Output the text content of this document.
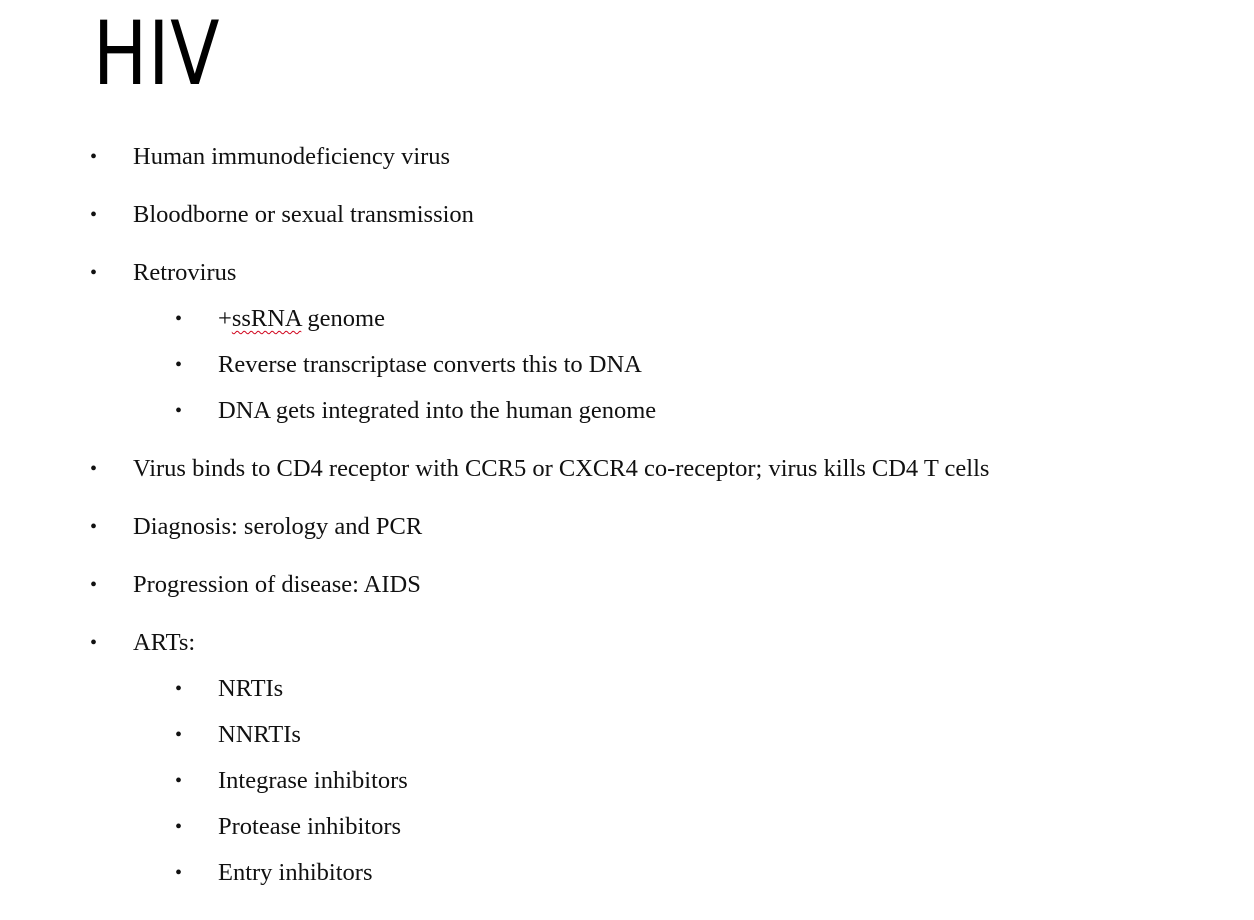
HIV
• Human immunodeficiency virus
• Bloodborne or sexual transmission
• Retrovirus
• +ssRNA genome
• Reverse transcriptase converts this to DNA
• DNA gets integrated into the human genome
• Virus binds to CD4 receptor with CCR5 or CXCR4 co-receptor; virus kills CD4 T cells
• Diagnosis: serology and PCR
• Progression of disease: AIDS
• ARTs:
• NRTIs
• NNRTIs
• Integrase inhibitors
• Protease inhibitors
• Entry inhibitors
